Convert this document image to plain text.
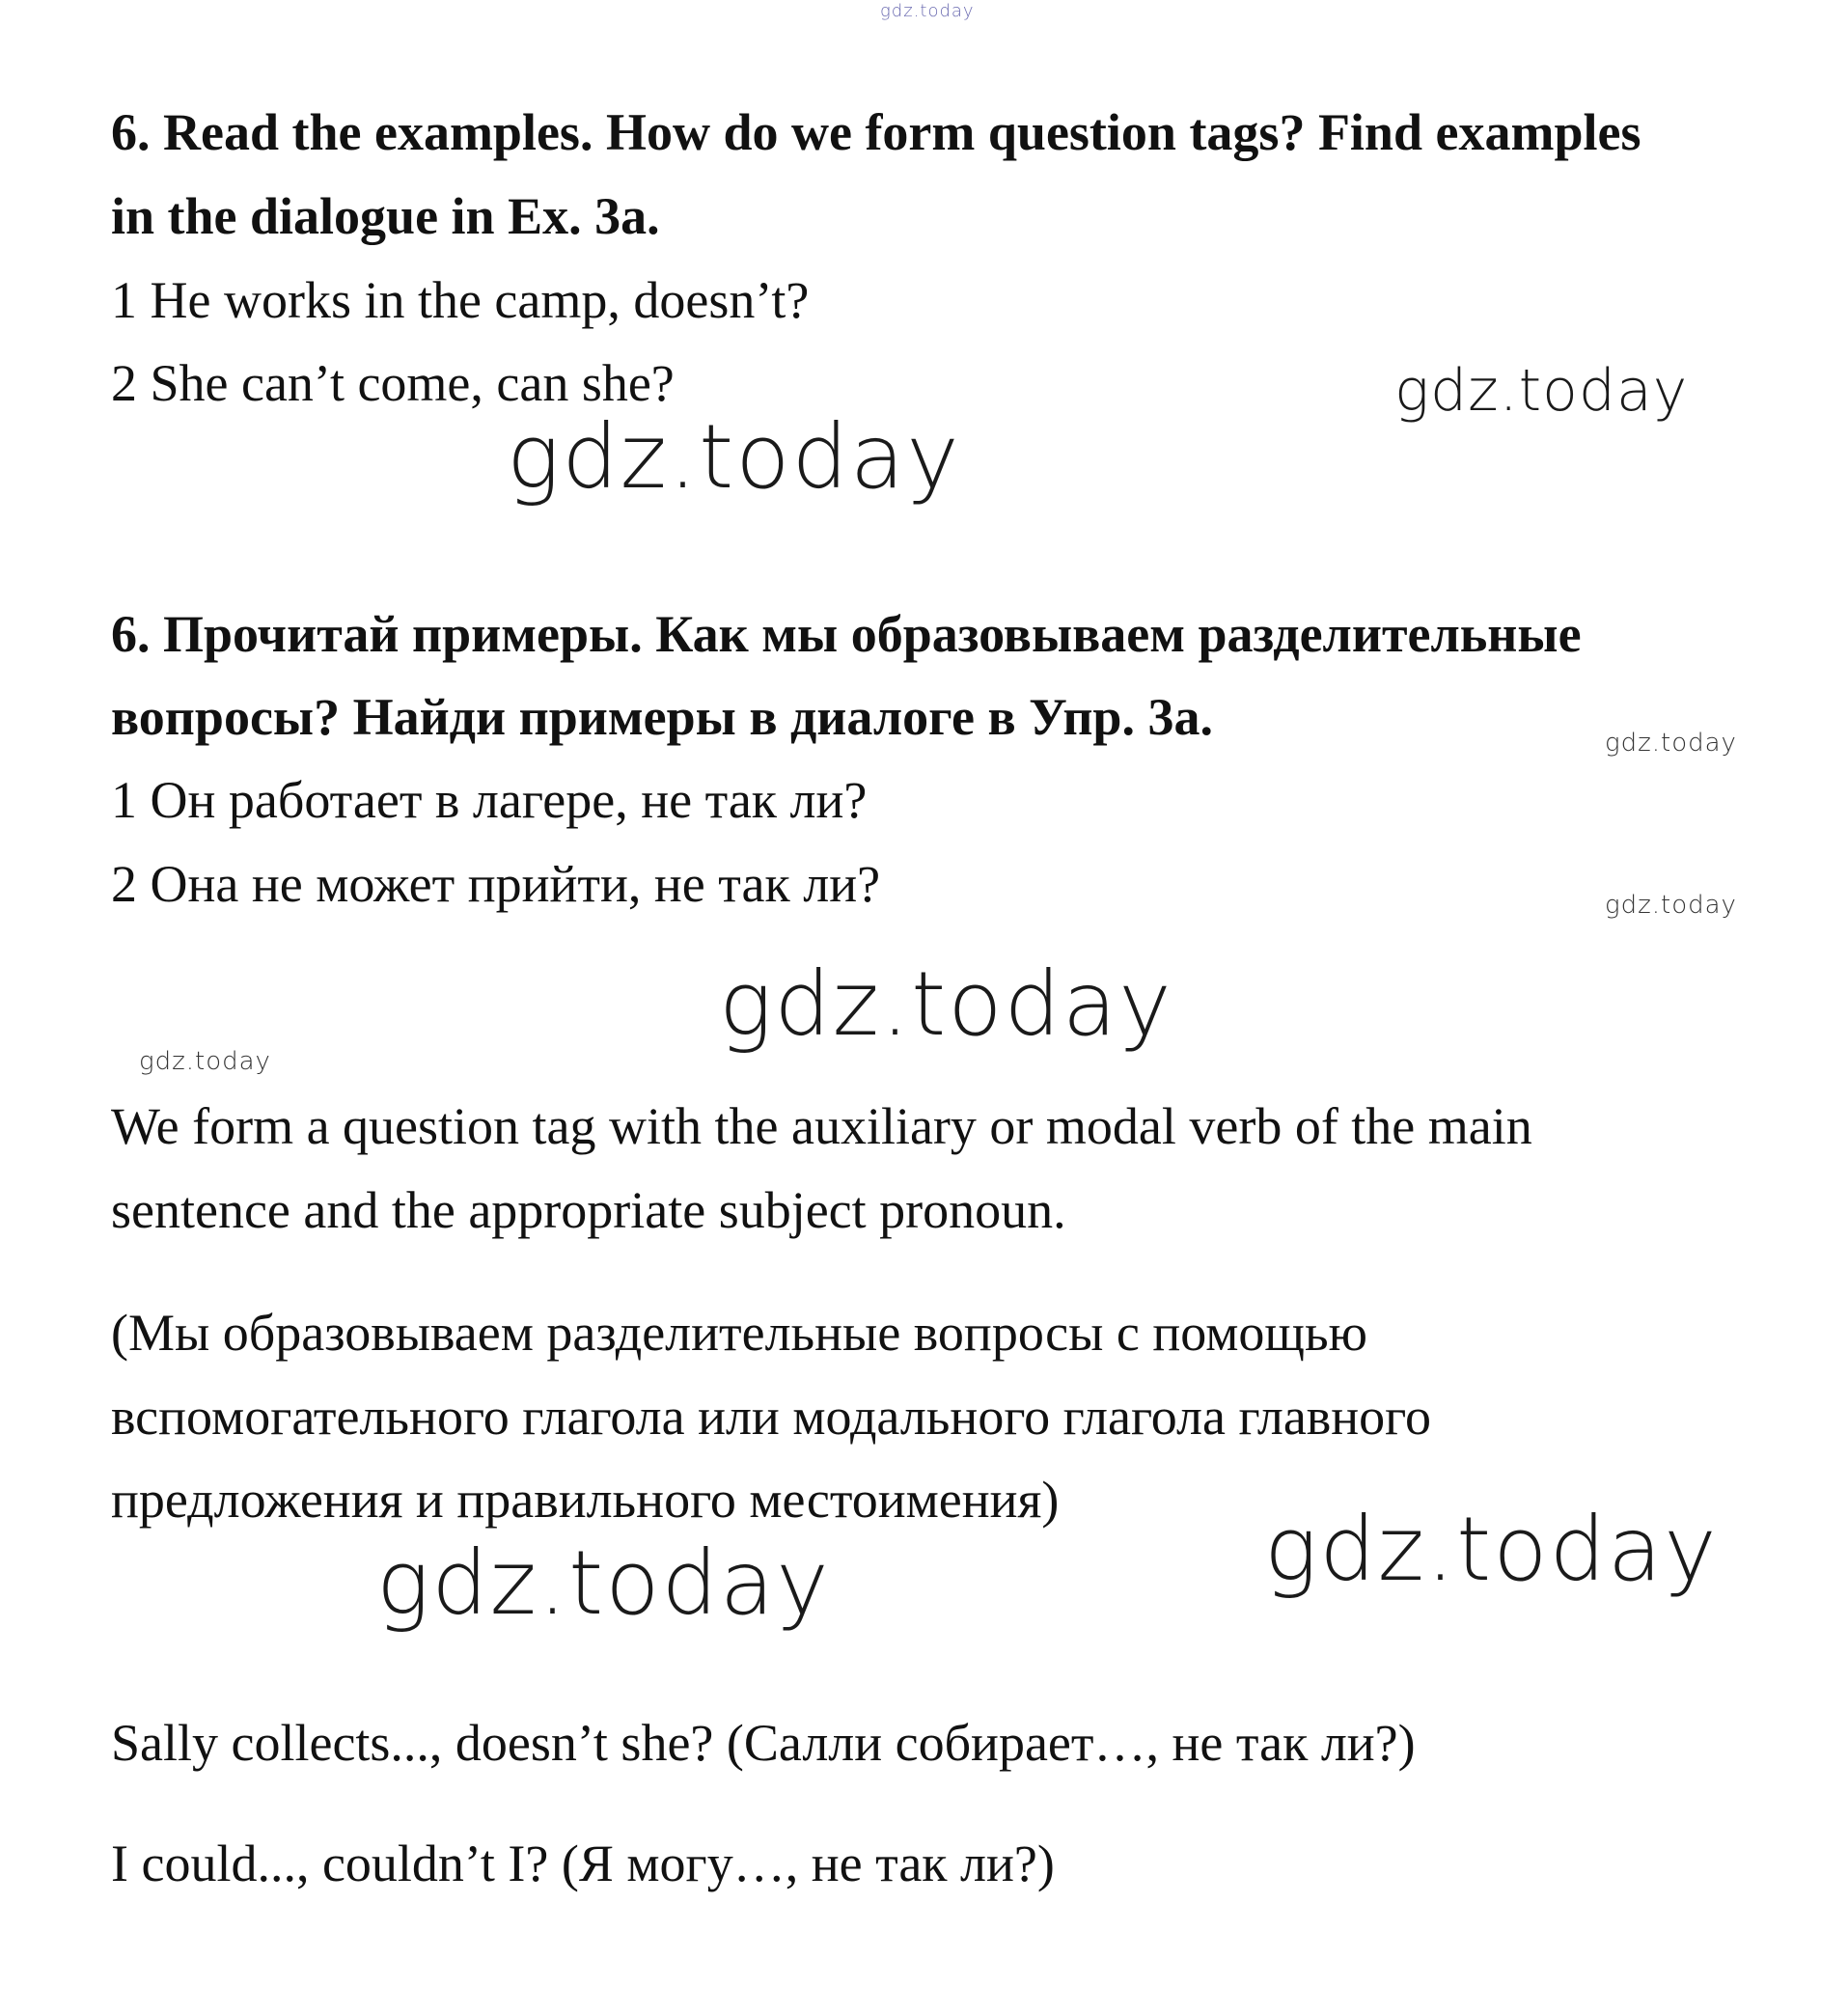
gdz.today
gdz.today
gdz.today
gdz.today
gdz.today
gdz.today
gdz.today
gdz.today
gdz.today
6. Read the examples. How do we form question tags? Find examples
in the dialogue in Ex. 3a.
1 He works in the camp, doesn’t?
2 She can’t come, can she?
6. Прочитай примеры. Как мы образовываем разделительные
вопросы? Найди примеры в диалоге в Упр. 3а.
1 Он работает в лагере, не так ли?
2 Она не может прийти, не так ли?
We form a question tag with the auxiliary or modal verb of the main
sentence and the appropriate subject pronoun.
(Мы образовываем разделительные вопросы с помощью
вспомогательного глагола или модального глагола главного
предложения и правильного местоимения)
Sally collects..., doesn’t she? (Салли собирает…, не так ли?)
I could..., couldn’t I? (Я могу…, не так ли?)
